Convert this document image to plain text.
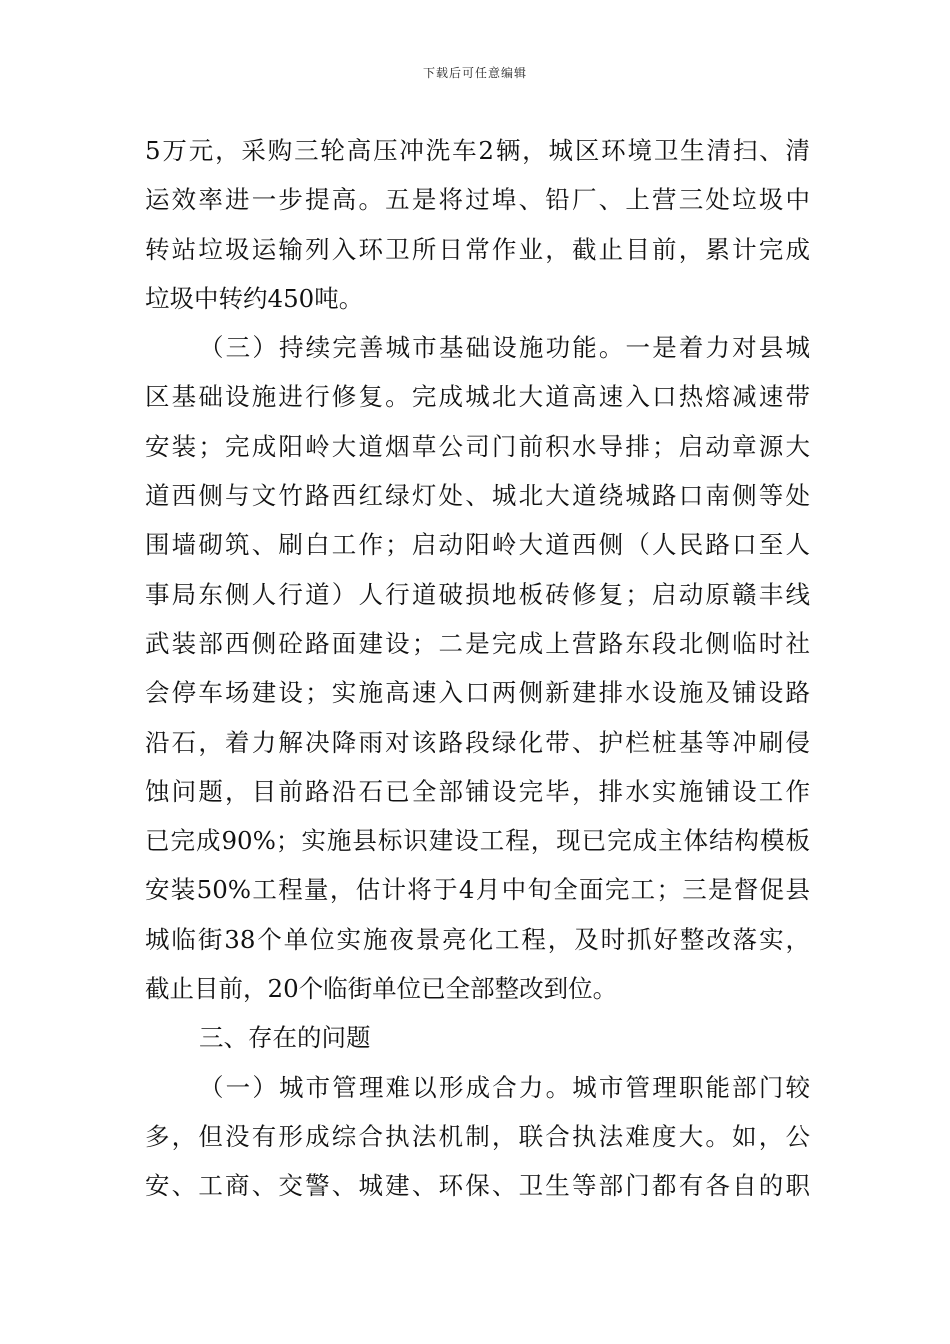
下载后可任意编辑
5万元，采购三轮高压冲洗车2辆，城区环境卫生清扫、清
运效率进一步提高。五是将过埠、铅厂、上营三处垃圾中
转站垃圾运输列入环卫所日常作业，截止目前，累计完成
垃圾中转约450吨。
（三）持续完善城市基础设施功能。一是着力对县城
区基础设施进行修复。完成城北大道高速入口热熔减速带
安装；完成阳岭大道烟草公司门前积水导排；启动章源大
道西侧与文竹路西红绿灯处、城北大道绕城路口南侧等处
围墙砌筑、刷白工作；启动阳岭大道西侧（人民路口至人
事局东侧人行道）人行道破损地板砖修复；启动原赣丰线
武装部西侧砼路面建设；二是完成上营路东段北侧临时社
会停车场建设；实施高速入口两侧新建排水设施及铺设路
沿石，着力解决降雨对该路段绿化带、护栏桩基等冲刷侵
蚀问题，目前路沿石已全部铺设完毕，排水实施铺设工作
已完成90%；实施县标识建设工程，现已完成主体结构模板
安装50%工程量，估计将于4月中旬全面完工；三是督促县
城临街38个单位实施夜景亮化工程，及时抓好整改落实，
截止目前，20个临街单位已全部整改到位。
三、存在的问题
（一）城市管理难以形成合力。城市管理职能部门较
多，但没有形成综合执法机制，联合执法难度大。如，公
安、工商、交警、城建、环保、卫生等部门都有各自的职
